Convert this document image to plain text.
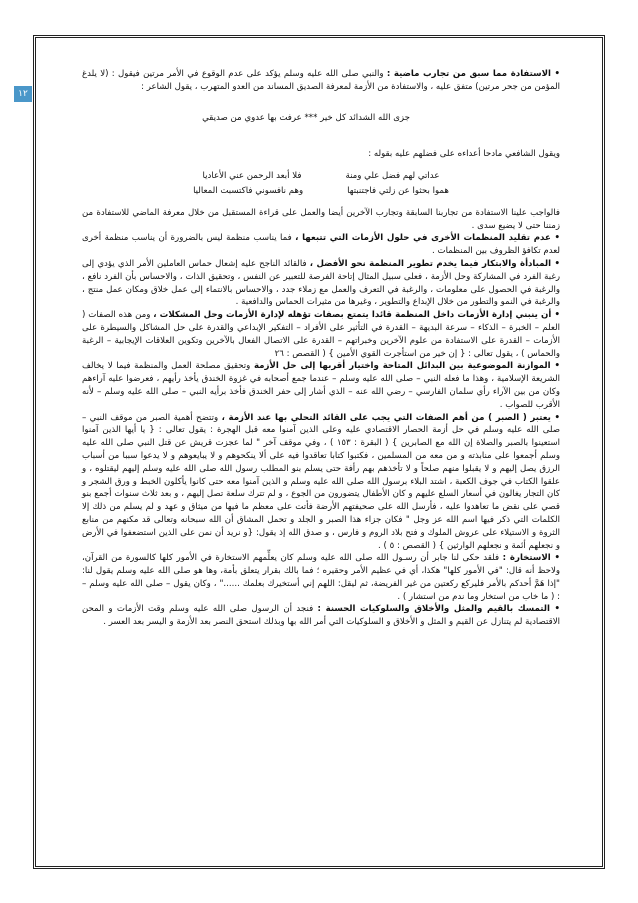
١٢

• الاستفادة مما سبق من تجارب ماضية : والنبي صلى الله عليه وسلم يؤكد على عدم الوقوع في الأمر مرتين فيقول : (لا يلدغ المؤمن من جحر مرتين) متفق عليه ، والاستفادة من الأزمة لمعرفة الصديق المساند من العدو المتهرب ، يقول الشاعر :

جزى الله الشدائد كل خير *** عرفت بها عدوي من صديقي

ويقول الشافعي مادحا أعداءه على فضلهم عليه بقوله :

عداتي لهم فضل علي ومنة
فلا أبعد الرحمن عني الأعاديا
هموا بحثوا عن زلتي فاجتنبتها
وهم نافسوني فاكتسبت المعاليا

فالواجب علينا الاستفادة من تجاربنا السابقة وتجارب الآخرين أيضا والعمل على قراءة المستقبل من خلال معرفة الماضي للاستفادة من زمننا حتى لا يضيع سدى .

• عدم تقليد المنظمات الأخرى في حلول الأزمات التي تتبعها ، فما يناسب منظمة ليس بالضرورة أن يناسب منظمة أخرى لعدم تكافؤ الظروف بين المنظمات .

• المبادأة والابتكار فيما يخدم تطوير المنظمة نحو الأفضل ، فالقائد الناجح عليه إشعال حماس العاملين الأمر الذي يؤدي إلى رغبة الفرد في المشاركة وحل الأزمة ، فعلى سبيل المثال إتاحة الفرصة للتعبير عن النفس ، وتحقيق الذات ، والاحساس بأن الفرد نافع ، والرغبة في الحصول على معلومات ، والرغبة في التعرف والعمل مع زملاء جدد ، والاحساس بالانتماء إلى عمل خلاق ومكان عمل منتج ، والرغبة في النمو والتطور من خلال الإبداع والتطوير ، وغيرها من مثيرات الحماس والدافعية .

• أن ينبني إدارة الأزمات داخل المنظمة قائدا يتمتع بصفات تؤهله لإدارة الأزمات وحل المشكلات ، ومن هذه الصفات ( العلم – الخبرة – الذكاء – سرعة البديهة – القدرة في التأثير على الأفراد – التفكير الإبداعي والقدرة على حل المشاكل والسيطرة على الأزمات – القدرة على الاستفادة من علوم الآخرين وخبراتهم – القدرة على الاتصال الفعال بالآخرين وتكوين العلاقات الإيجابية – الرغبة والحماس ) ، يقول تعالى : { إن خير من استأجرت القوي الأمين } ( القصص : ٢٦

• الموازنة الموضوعية بين البدائل المتاحة واختيار أقربها إلى حل الأزمة وتحقيق مصلحة العمل والمنظمة فيما لا يخالف الشريعة الإسلامية ، وهذا ما فعله النبي – صلى الله عليه وسلم – عندما جمع أصحابه في غزوة الخندق يأخذ رأيهم ، فعرضوا عليه آراءهم وكان من بين الآراء رأي سلمان الفارسي – رضي الله عنه – الذي أشار إلى حفر الخندق فأخذ برأيه النبي – صلى الله عليه وسلم – لأنه الأقرب للصواب .

• يعتبر ( الصبر ) من أهم الصفات التي يجب على القائد التحلي بها عند الأزمة ، وتتضح أهمية الصبر من موقف النبي – صلى الله عليه وسلم في حل أزمة الحصار الاقتصادي عليه وعلى الذين آمنوا معه قبل الهجرة : يقول تعالى : { يا أيها الذين آمنوا استعينوا بالصبر والصلاة إن الله مع الصابرين } ( البقرة : ١٥٣ ) ، وفي موقف آخر " لما عجزت قريش عن قتل النبي صلى الله عليه وسلم أجمعوا على منابذته و من معه من المسلمين ، فكتبوا كتابا تعاقدوا فيه على ألا ينكحوهم و لا يبايعوهم و لا يدعوا سببا من أسباب الرزق يصل إليهم و لا يقبلوا منهم صلحاً و لا تأخذهم بهم رأفة حتى يسلم بنو المطلب رسول الله صلى الله عليه وسلم إليهم ليقتلوه ، و علقوا الكتاب في جوف الكعبة ، اشتد البلاء برسول الله صلى الله عليه وسلم و الذين آمنوا معه حتى كانوا يأكلون الخبط و ورق الشجر و كان التجار يغالون في أسعار السلع عليهم و كان الأطفال يتضورون من الجوع ، و لم تترك سلعة تصل إليهم ، و بعد ثلاث سنوات أجمع بنو قصي على نقض ما تعاهدوا عليه ، فأرسل الله على صحيفتهم الأرضة فأتت على معظم ما فيها من ميثاق و عهد و لم يسلم من ذلك إلا الكلمات التي ذكر فيها اسم الله عز وجل " فكان جزاء هذا الصبر و الجلد و تحمل المشاق أن الله سبحانه وتعالى قد مكنهم من منابع الثروة و الاستيلاء على عروش الملوك و فتح بلاد الروم و فارس ، و صدق الله إذ يقول: {و نريد أن نمن على الذين استضعفوا في الأرض و نجعلهم أئمة و نجعلهم الوارثين } ( القصص : ٥ ) .

• الاستخارة : فلقد حكى لنا جابر أن رسـول الله صلى الله عليه وسلم كان يعلِّمهم الاستخارة في الأمور كلها كالسورة من القرآن، ولاحظ أنه قال: "في الأمور كلها" هكذا، أي في عظيم الأمر وحقيره ؛ فما بالك بقرار يتعلق بأمة، وها هو صلى الله عليه وسلم يقول لنا: "إذا هَمَّ أحدكم بالأمر فليركع ركعتين من غير الفريضة، ثم ليقل: اللهم إني أستخيرك بعلمك ......" ، وكان يقول – صلى الله عليه وسلم – : ( ما خاب من استخار وما ندم من استشار ) .

• التمسك بالقيم والمثل والأخلاق والسلوكيات الحسنة : فنجد أن الرسول صلى الله عليه وسلم وقت الأزمات و المحن الاقتصادية لم يتنازل عن القيم و المثل و الأخلاق و السلوكيات التي أمر الله بها وبذلك استحق النصر بعد الأزمة و اليسر بعد العسر .
